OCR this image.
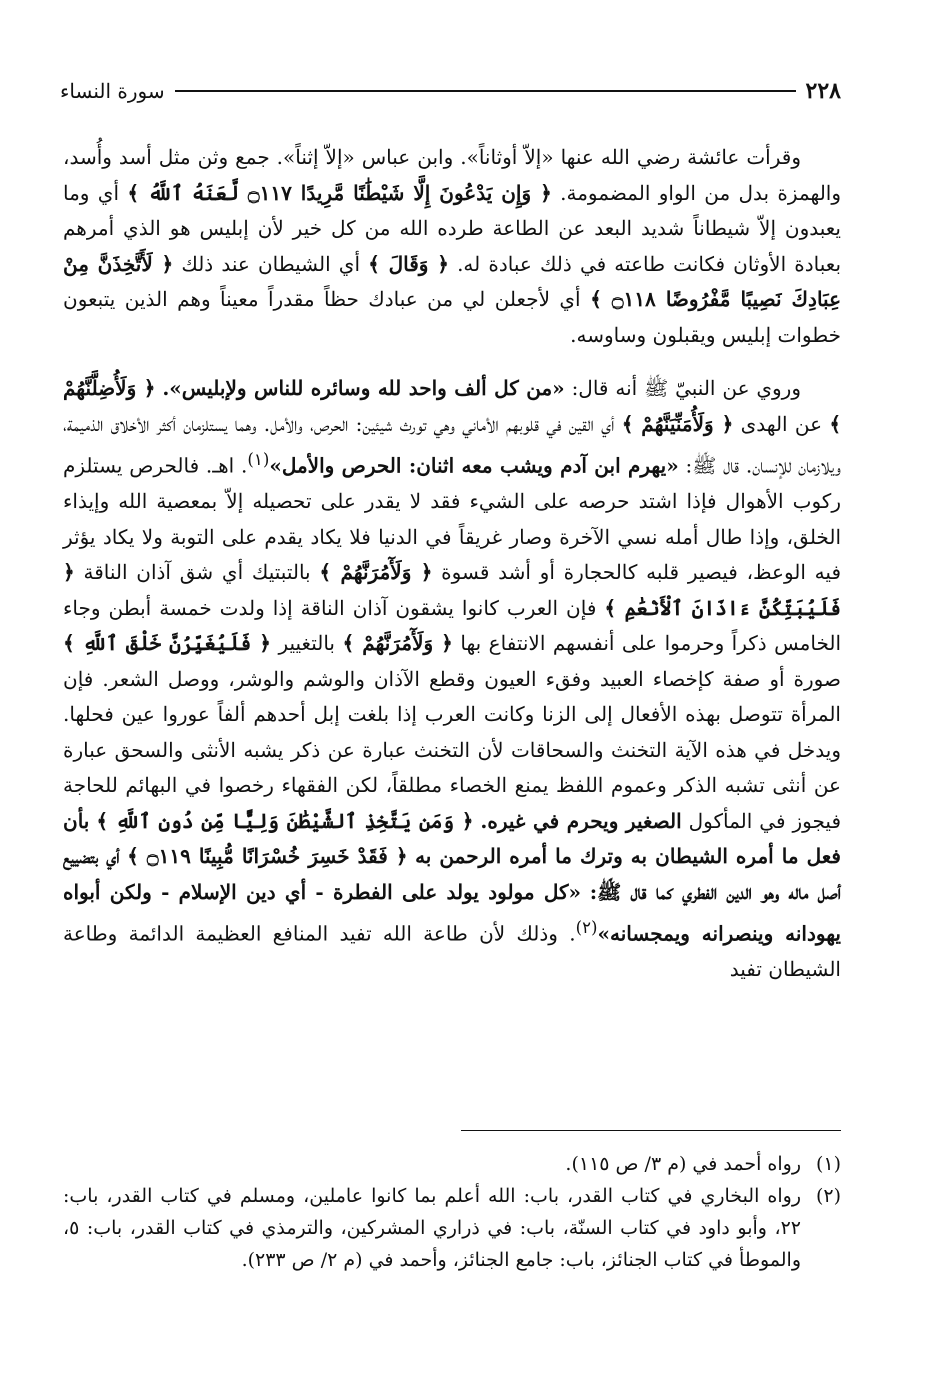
٢٢٨
سورة النساء

وقرأت عائشة رضي الله عنها «إلاّ أوثاناً». وابن عباس «إلاّ إثناً». جمع وثن مثل أسد وأُسد، والهمزة بدل من الواو المضمومة. ﴿ وَإِن يَدْعُونَ إِلَّا شَيْطَٰنًا مَّرِيدًا ۝١١٧ لَّعَنَهُ ٱللَّهُ ﴾ أي وما يعبدون إلاّ شيطاناً شديد البعد عن الطاعة طرده الله من كل خير لأن إبليس هو الذي أمرهم بعبادة الأوثان فكانت طاعته في ذلك عبادة له. ﴿ وَقَالَ ﴾ أي الشيطان عند ذلك ﴿ لَأَتَّخِذَنَّ مِنْ عِبَادِكَ نَصِيبًا مَّفْرُوضًا ۝١١٨ ﴾ أي لأجعلن لي من عبادك حظاً مقدراً معيناً وهم الذين يتبعون خطوات إبليس ويقبلون وساوسه.

وروي عن النبيّ ﷺ أنه قال: «من كل ألف واحد لله وسائره للناس ولإبليس». ﴿ وَلَأُضِلَّنَّهُمْ ﴾ عن الهدى ﴿ وَلَأُمَنِّيَنَّهُمْ ﴾ أي القين في قلوبهم الأماني وهي تورث شيئين: الحرص، والأمل. وهما يستلزمان أكثر الأخلاق الذميمة، ويلازمان للإنسان. قال ﷺ: «يهرم ابن آدم ويشب معه اثنان: الحرص والأمل»$^{(١)}$. اهـ. فالحرص يستلزم ركوب الأهوال فإذا اشتد حرصه على الشيء فقد لا يقدر على تحصيله إلاّ بمعصية الله وإيذاء الخلق، وإذا طال أمله نسي الآخرة وصار غريقاً في الدنيا فلا يكاد يقدم على التوبة ولا يكاد يؤثر فيه الوعظ، فيصير قلبه كالحجارة أو أشد قسوة ﴿ وَلَأٓمُرَنَّهُمْ ﴾ بالتبتيك أي شق آذان الناقة ﴿ فَلَيُبَتِّكُنَّ ءَاذَانَ ٱلْأَنْعَٰمِ ﴾ فإن العرب كانوا يشقون آذان الناقة إذا ولدت خمسة أبطن وجاء الخامس ذكراً وحرموا على أنفسهم الانتفاع بها ﴿ وَلَأٓمُرَنَّهُمْ ﴾ بالتغيير ﴿ فَلَيُغَيِّرُنَّ خَلْقَ ٱللَّهِ ﴾ صورة أو صفة كإخصاء العبيد وفقء العيون وقطع الآذان والوشم والوشر، ووصل الشعر. فإن المرأة تتوصل بهذه الأفعال إلى الزنا وكانت العرب إذا بلغت إبل أحدهم ألفاً عوروا عين فحلها. ويدخل في هذه الآية التخنث والسحاقات لأن التخنث عبارة عن ذكر يشبه الأنثى والسحق عبارة عن أنثى تشبه الذكر وعموم اللفظ يمنع الخصاء مطلقاً، لكن الفقهاء رخصوا في البهائم للحاجة فيجوز في المأكول الصغير ويحرم في غيره. ﴿ وَمَن يَتَّخِذِ ٱلشَّيْطَٰنَ وَلِيًّا مِّن دُونِ ٱللَّهِ ﴾ بأن فعل ما أمره الشيطان به وترك ما أمره الرحمن به ﴿ فَقَدْ خَسِرَ خُسْرَانًا مُّبِينًا ۝١١٩ ﴾ أي بتضييع أصل ماله وهو الدين الفطري كما قال ﷺ: «كل مولود يولد على الفطرة - أي دين الإسلام - ولكن أبواه يهودانه وينصرانه ويمجسانه»$^{(٢)}$. وذلك لأن طاعة الله تفيد المنافع العظيمة الدائمة وطاعة الشيطان تفيد

(١)
رواه أحمد في (م ٣/ ص ١١٥).
(٢)
رواه البخاري في كتاب القدر، باب: الله أعلم بما كانوا عاملين، ومسلم في كتاب القدر، باب: ٢٢، وأبو داود في كتاب السنّة، باب: في ذراري المشركين، والترمذي في كتاب القدر، باب: ٥، والموطأ في كتاب الجنائز، باب: جامع الجنائز، وأحمد في (م ٢/ ص ٢٣٣).
